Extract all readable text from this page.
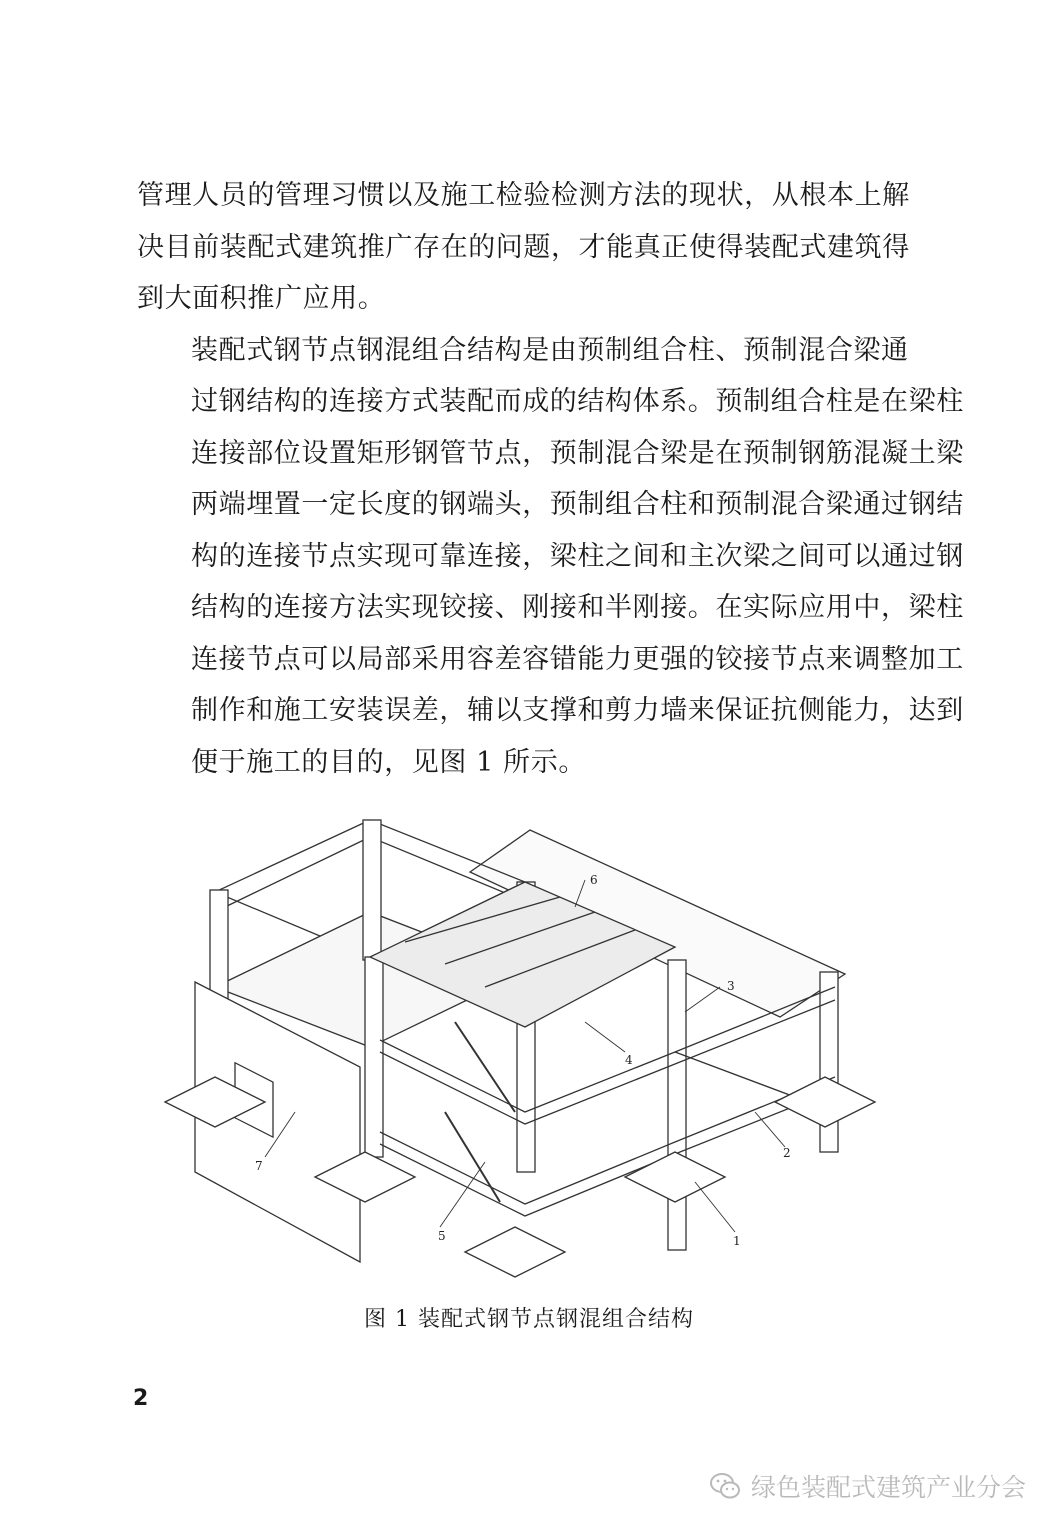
管理人员的管理习惯以及施工检验检测方法的现状，从根本上解
决目前装配式建筑推广存在的问题，才能真正使得装配式建筑得
到大面积推广应用。

装配式钢节点钢混组合结构是由预制组合柱、预制混合梁通
过钢结构的连接方式装配而成的结构体系。预制组合柱是在梁柱
连接部位设置矩形钢管节点，预制混合梁是在预制钢筋混凝土梁
两端埋置一定长度的钢端头，预制组合柱和预制混合梁通过钢结
构的连接节点实现可靠连接，梁柱之间和主次梁之间可以通过钢
结构的连接方法实现铰接、刚接和半刚接。在实际应用中，梁柱
连接节点可以局部采用容差容错能力更强的铰接节点来调整加工
制作和施工安装误差，辅以支撑和剪力墙来保证抗侧能力，达到
便于施工的目的，见图 1 所示。

1
2
3
4
5
6
7
图 1 装配式钢节点钢混组合结构
2
绿色装配式建筑产业分会
